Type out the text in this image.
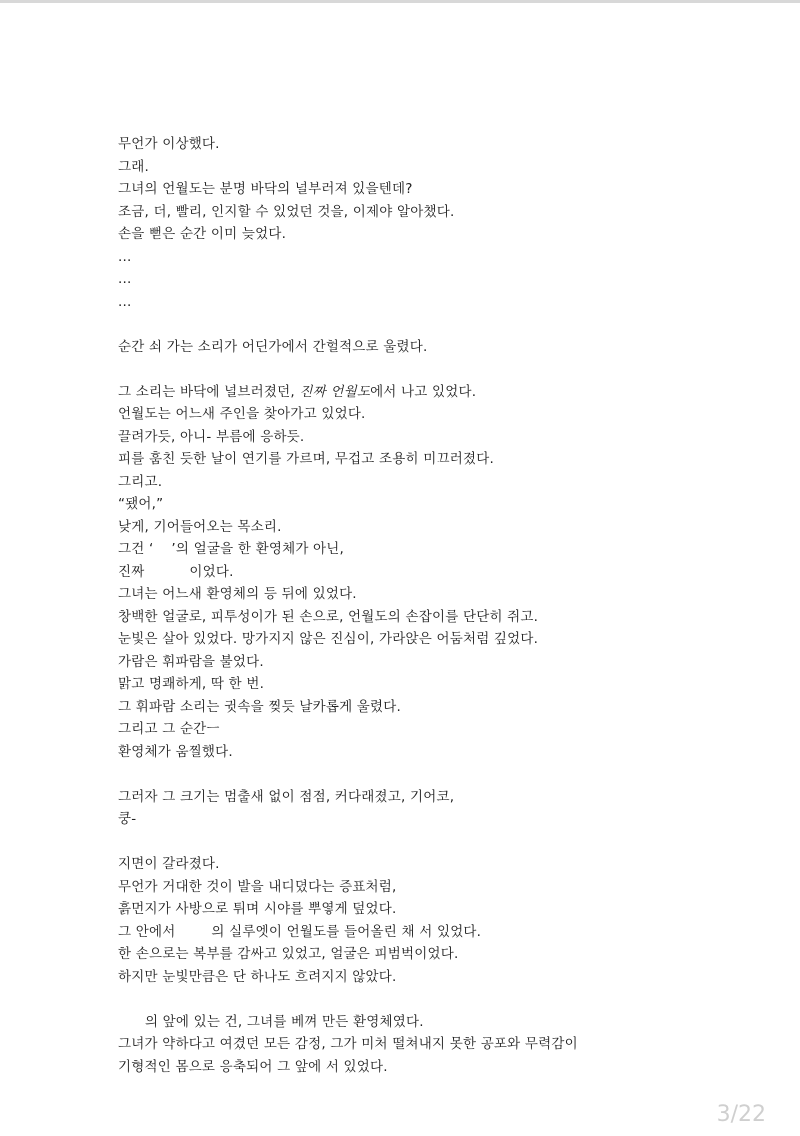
무언가 이상했다.
그래.
그녀의 언월도는 분명 바닥의 널부러져 있을텐데?
조금, 더, 빨리, 인지할 수 있었던 것을, 이제야 알아챘다.
손을 뻗은 순간 이미 늦었다.
...
...
...
순간 쇠 가는 소리가 어딘가에서 간헐적으로 울렸다.
그 소리는 바닥에 널브러졌던, 진짜 언월도에서 나고 있었다.
언월도는 어느새 주인을 찾아가고 있었다.
끌려가듯, 아니- 부름에 응하듯.
피를 훔친 듯한 날이 연기를 가르며, 무겁고 조용히 미끄러졌다.
그리고.
“됐어,”
낮게, 기어들어오는 목소리.
그건 ‘    ’의 얼굴을 한 환영체가 아닌,
진짜          이었다.
그녀는 어느새 환영체의 등 뒤에 있었다.
창백한 얼굴로, 피투성이가 된 손으로, 언월도의 손잡이를 단단히 쥐고.
눈빛은 살아 있었다. 망가지지 않은 진심이, 가라앉은 어둠처럼 깊었다.
가람은 휘파람을 불었다.
맑고 명쾌하게, 딱 한 번.
그 휘파람 소리는 귓속을 찢듯 날카롭게 울렸다.
그리고 그 순간ㅡ
환영체가 움찔했다.
그러자 그 크기는 멈출새 없이 점점, 커다래졌고, 기어코,
쿵-
지면이 갈라졌다.
무언가 거대한 것이 발을 내디뎠다는 증표처럼,
흙먼지가 사방으로 튀며 시야를 뿌옇게 덮었다.
그 안에서        의 실루엣이 언월도를 들어올린 채 서 있었다.
한 손으로는 복부를 감싸고 있었고, 얼굴은 피범벅이었다.
하지만 눈빛만큼은 단 하나도 흐려지지 않았다.
의 앞에 있는 건, 그녀를 베껴 만든 환영체였다.
그녀가 약하다고 여겼던 모든 감정, 그가 미처 떨쳐내지 못한 공포와 무력감이
기형적인 몸으로 응축되어 그 앞에 서 있었다.
3/22
